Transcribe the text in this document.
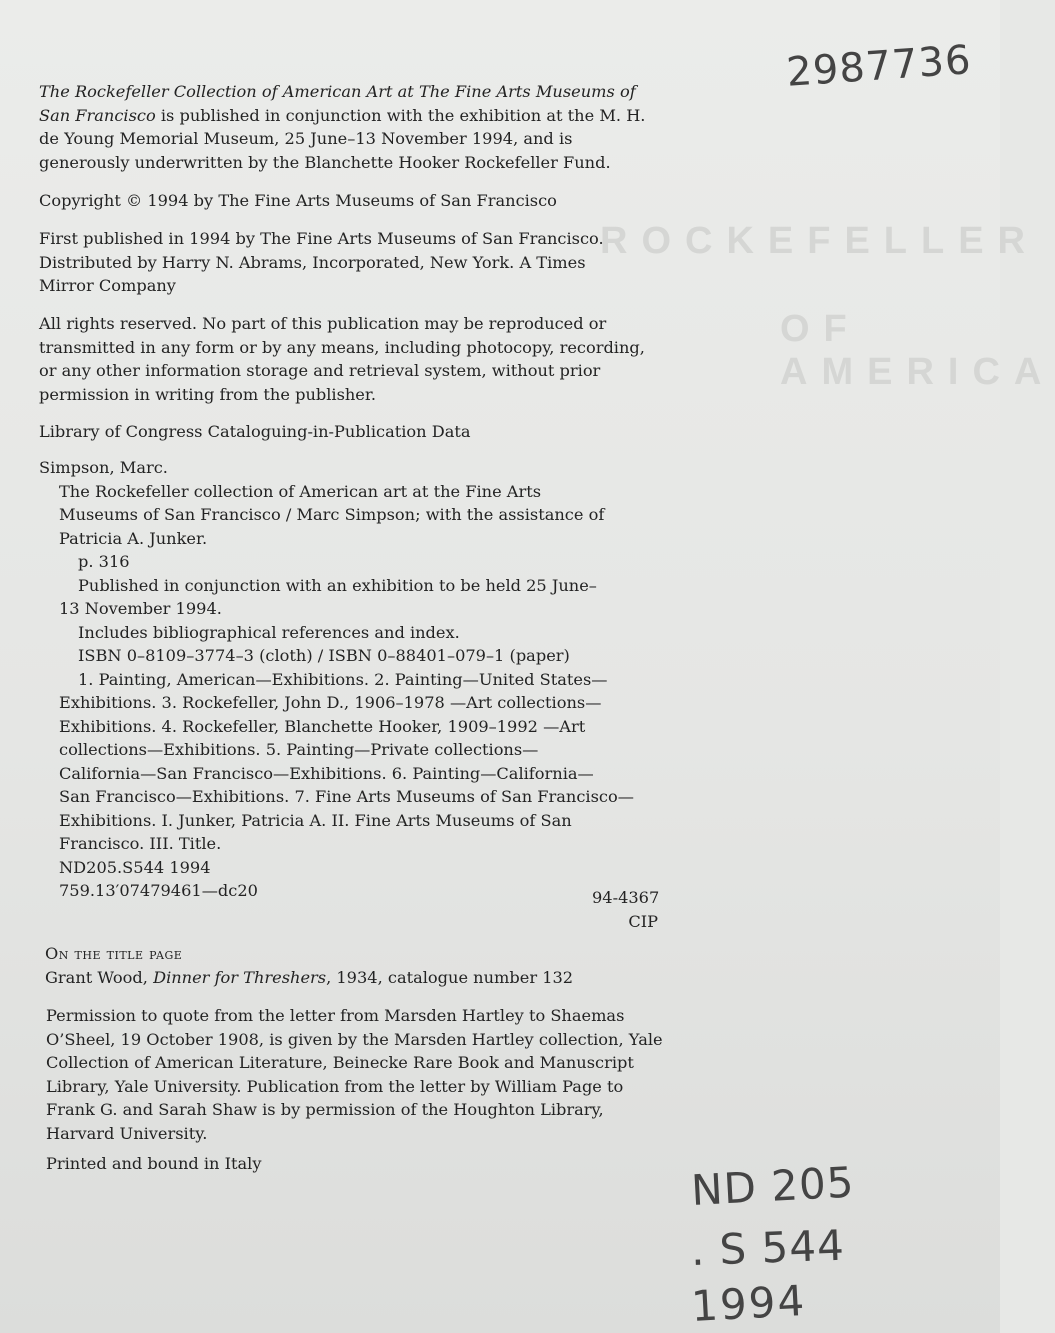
ROCKEFELLER
OF AMERICA
2987736

The Rockefeller Collection of American Art at The Fine Arts Museums of

San Francisco is published in conjunction with the exhibition at the M. H.

de Young Memorial Museum, 25 June–13 November 1994, and is

generously underwritten by the Blanchette Hooker Rockefeller Fund.

Copyright © 1994 by The Fine Arts Museums of San Francisco

First published in 1994 by The Fine Arts Museums of San Francisco.

Distributed by Harry N. Abrams, Incorporated, New York. A Times

Mirror Company

All rights reserved. No part of this publication may be reproduced or

transmitted in any form or by any means, including photocopy, recording,

or any other information storage and retrieval system, without prior

permission in writing from the publisher.

Library of Congress Cataloguing-in-Publication Data

Simpson, Marc.

The Rockefeller collection of American art at the Fine Arts

Museums of San Francisco / Marc Simpson; with the assistance of

Patricia A. Junker.

p. 316

Published in conjunction with an exhibition to be held 25 June–

13 November 1994.

Includes bibliographical references and index.

ISBN 0–8109–3774–3 (cloth) / ISBN 0–88401–079–1 (paper)

1. Painting, American—Exhibitions. 2. Painting—United States—

Exhibitions. 3. Rockefeller, John D., 1906–1978 —Art collections—

Exhibitions. 4. Rockefeller, Blanchette Hooker, 1909–1992 —Art

collections—Exhibitions. 5. Painting—Private collections—

California—San Francisco—Exhibitions. 6. Painting—California—

San Francisco—Exhibitions. 7. Fine Arts Museums of San Francisco—

Exhibitions. I. Junker, Patricia A. II. Fine Arts Museums of San

Francisco. III. Title.

ND205.S544 1994

759.13′07479461—dc20	94-4367
CIP

On the title page

Grant Wood, Dinner for Threshers, 1934, catalogue number 132

Permission to quote from the letter from Marsden Hartley to Shaemas

O’Sheel, 19 October 1908, is given by the Marsden Hartley collection, Yale

Collection of American Literature, Beinecke Rare Book and Manuscript

Library, Yale University. Publication from the letter by William Page to

Frank G. and Sarah Shaw is by permission of the Houghton Library,

Harvard University.

Printed and bound in Italy	ND 205
. S 544
1994
